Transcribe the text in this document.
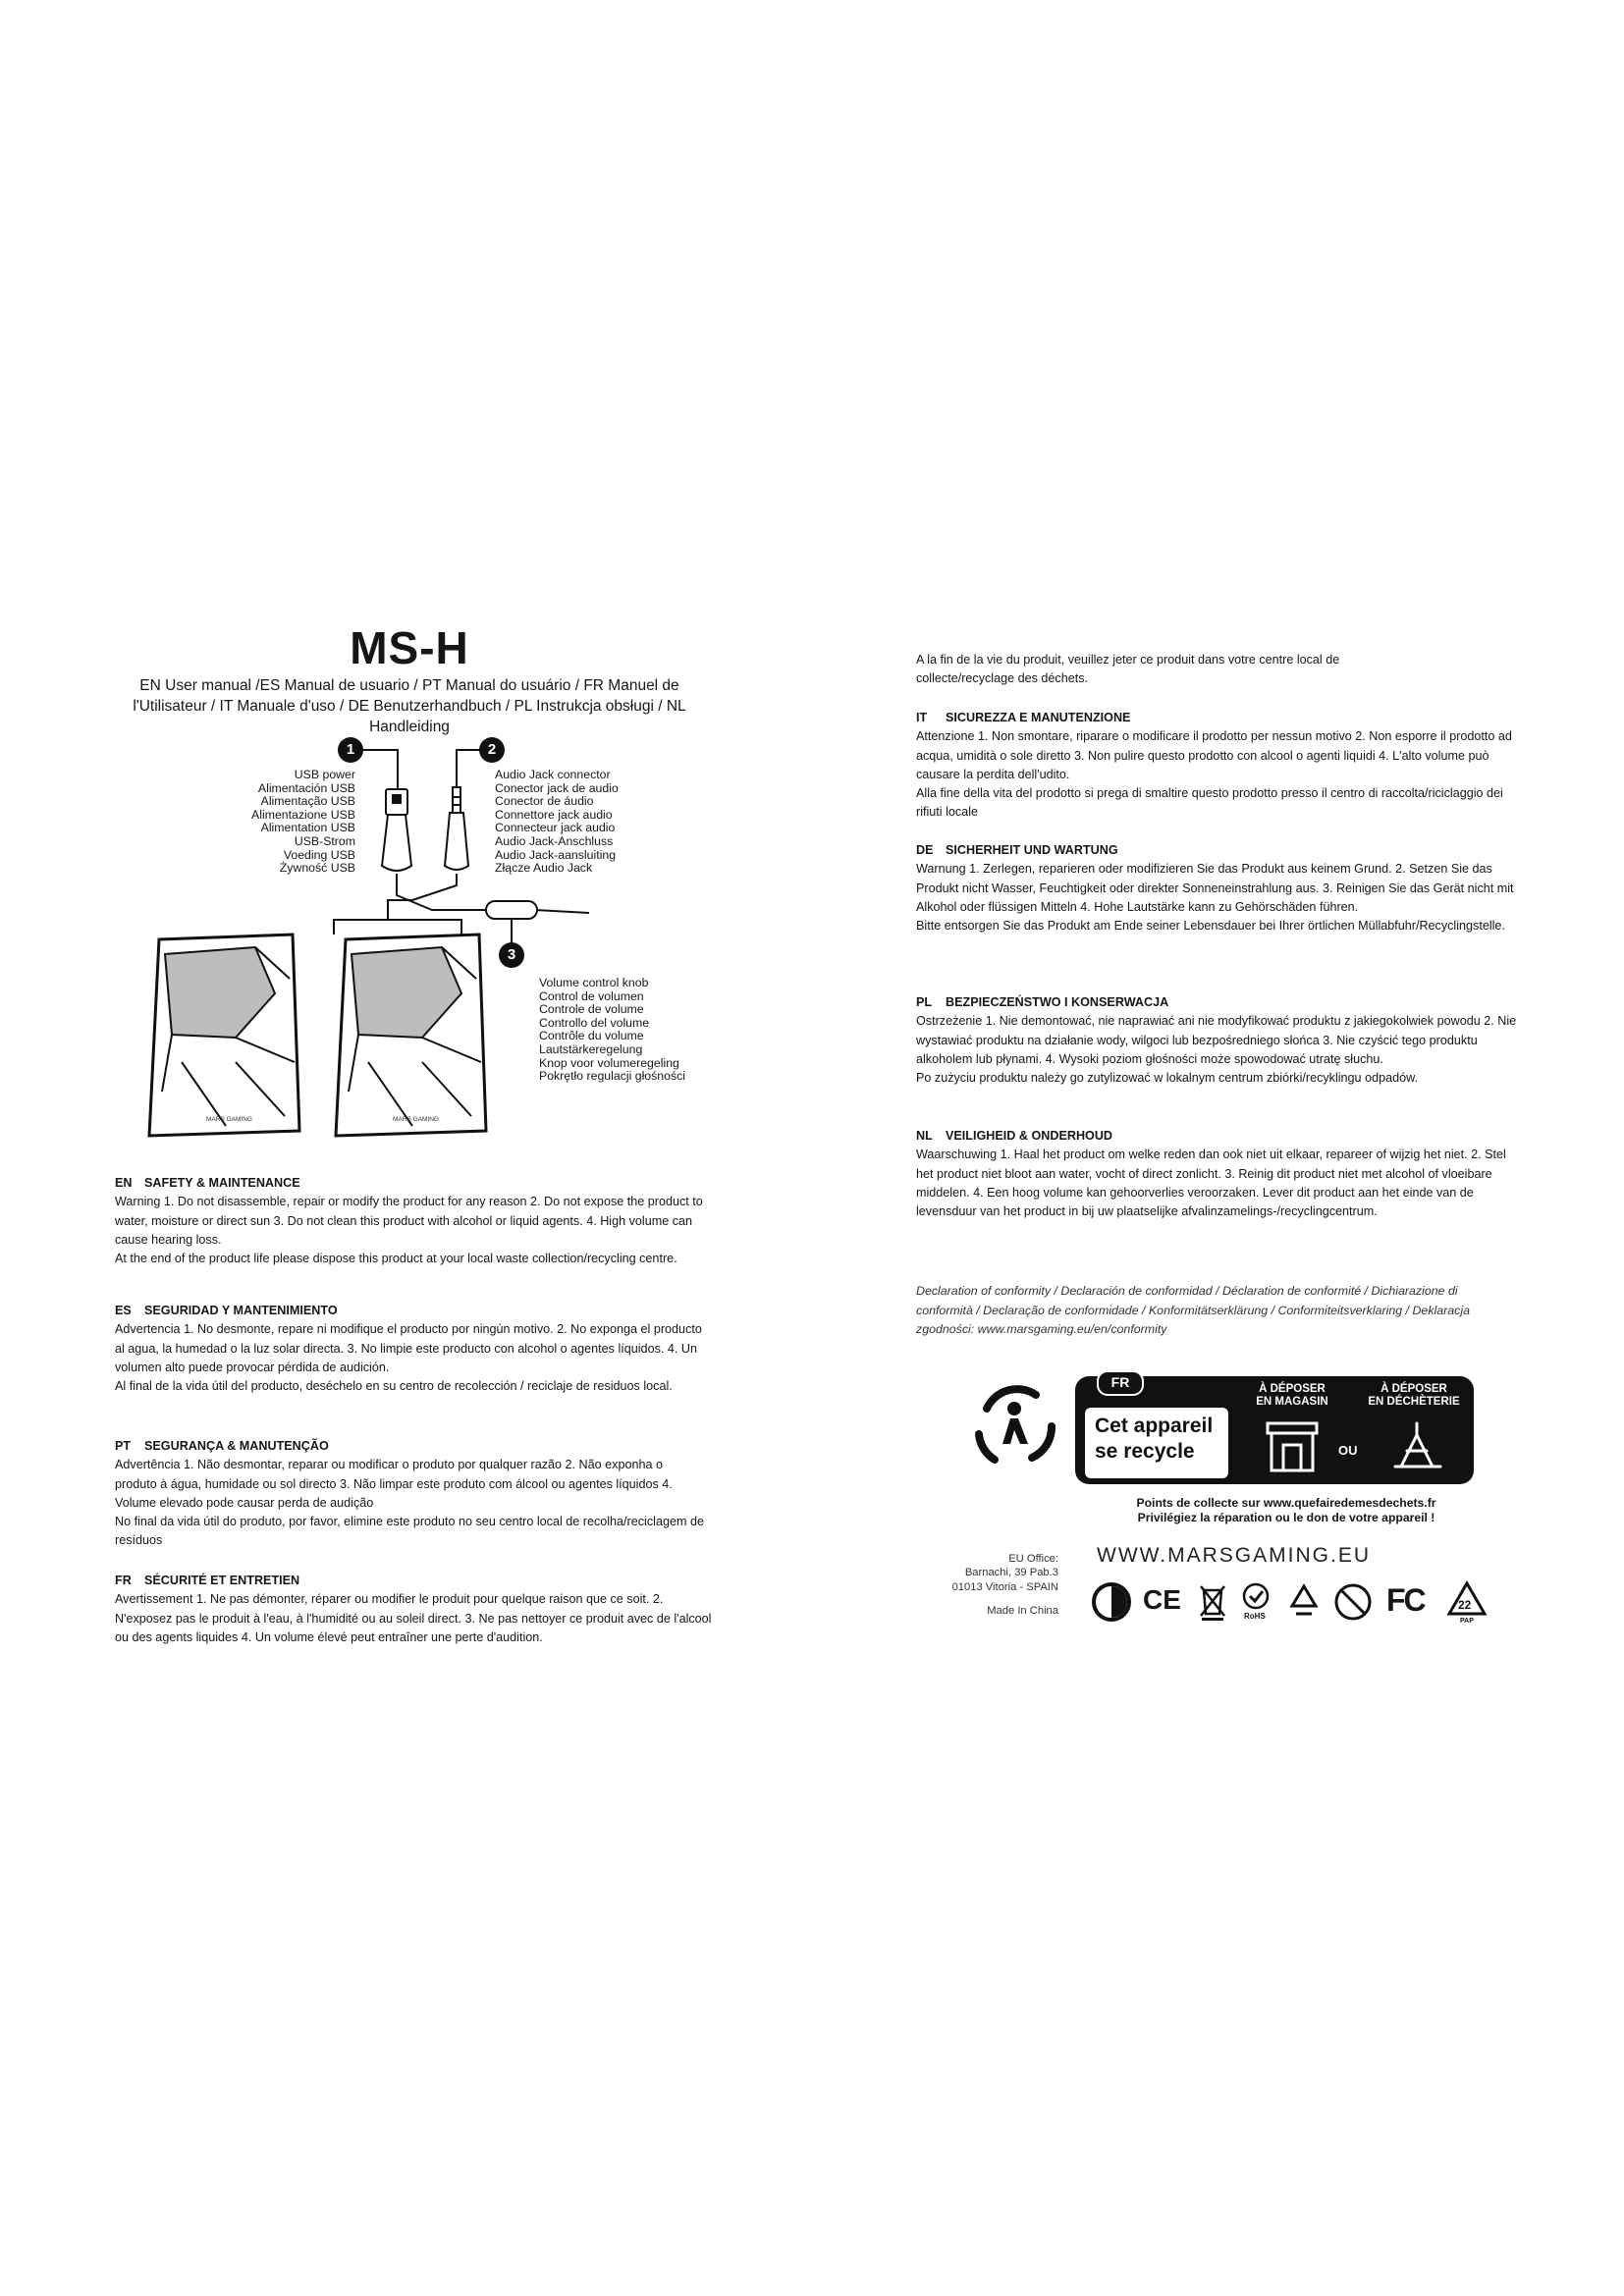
MS-H
EN User manual /ES Manual de usuario / PT Manual do usuário / FR Manuel de l'Utilisateur / IT Manuale d'uso / DE Benutzerhandbuch / PL Instrukcja obsługi / NL Handleiding
MARS GAMING	MARS GAMING
1	2
3
USB power
Alimentación USB
Alimentação USB
Alimentazione USB
Alimentation USB
USB-Strom
Voeding USB
Żywność USB
Audio Jack connector
Conector jack de audio
Conector de áudio
Connettore jack audio
Connecteur jack audio
Audio Jack-Anschluss
Audio Jack-aansluiting
Złącze Audio Jack
Volume control knob
Control de volumen
Controle de volume
Controllo del volume
Contrôle du volume
Lautstärkeregelung
Knop voor volumeregeling
Pokrętło regulacji głośności
EN SAFETY & MAINTENANCE

Warning 1. Do not disassemble, repair or modify the product for any reason 2. Do not expose the product to water, moisture or direct sun 3. Do not clean this product with alcohol or liquid agents. 4. High volume can cause hearing loss.

At the end of the product life please dispose this product at your local waste collection/recycling centre.

ES SEGURIDAD Y MANTENIMIENTO

Advertencia 1. No desmonte, repare ni modifique el producto por ningún motivo. 2. No exponga el producto al agua, la humedad o la luz solar directa. 3. No limpie este producto con alcohol o agentes líquidos. 4. Un volumen alto puede provocar pérdida de audición.

Al final de la vida útil del producto, deséchelo en su centro de recolección / reciclaje de residuos local.

PT SEGURANÇA & MANUTENÇÃO

Advertência 1. Não desmontar, reparar ou modificar o produto por qualquer razão 2. Não exponha o produto à água, humidade ou sol directo 3. Não limpar este produto com álcool ou agentes líquidos 4. Volume elevado pode causar perda de audição

No final da vida útil do produto, por favor, elimine este produto no seu centro local de recolha/reciclagem de resíduos

FR SÉCURITÉ ET ENTRETIEN

Avertissement 1. Ne pas démonter, réparer ou modifier le produit pour quelque raison que ce soit. 2. N'exposez pas le produit à l'eau, à l'humidité ou au soleil direct. 3. Ne pas nettoyer ce produit avec de l'alcool ou des agents liquides 4. Un volume élevé peut entraîner une perte d'audition.

A la fin de la vie du produit, veuillez jeter ce produit dans votre centre local de collecte/recyclage des déchets.

IT SICUREZZA E MANUTENZIONE

Attenzione 1. Non smontare, riparare o modificare il prodotto per nessun motivo 2. Non esporre il prodotto ad acqua, umidità o sole diretto 3. Non pulire questo prodotto con alcool o agenti liquidi 4. L'alto volume può causare la perdita dell'udito.

Alla fine della vita del prodotto si prega di smaltire questo prodotto presso il centro di raccolta/riciclaggio dei rifiuti locale

DE SICHERHEIT UND WARTUNG

Warnung 1. Zerlegen, reparieren oder modifizieren Sie das Produkt aus keinem Grund. 2. Setzen Sie das Produkt nicht Wasser, Feuchtigkeit oder direkter Sonneneinstrahlung aus. 3. Reinigen Sie das Gerät nicht mit Alkohol oder flüssigen Mitteln 4. Hohe Lautstärke kann zu Gehörschäden führen.

Bitte entsorgen Sie das Produkt am Ende seiner Lebensdauer bei Ihrer örtlichen Müllabfuhr/Recyclingstelle.

PL BEZPIECZEŃSTWO I KONSERWACJA

Ostrzeżenie 1. Nie demontować, nie naprawiać ani nie modyfikować produktu z jakiegokolwiek powodu 2. Nie wystawiać produktu na działanie wody, wilgoci lub bezpośredniego słońca 3. Nie czyścić tego produktu alkoholem lub płynami. 4. Wysoki poziom głośności może spowodować utratę słuchu.

Po zużyciu produktu należy go zutylizować w lokalnym centrum zbiórki/recyklingu odpadów.

NL VEILIGHEID & ONDERHOUD

Waarschuwing 1. Haal het product om welke reden dan ook niet uit elkaar, repareer of wijzig het niet. 2. Stel het product niet bloot aan water, vocht of direct zonlicht. 3. Reinig dit product niet met alcohol of vloeibare middelen. 4. Een hoog volume kan gehoorverlies veroorzaken. Lever dit product aan het einde van de levensduur van het product in bij uw plaatselijke afvalinzamelings-/recyclingcentrum.

Declaration of conformity / Declaración de conformidad / Déclaration de conformité / Dichiarazione di conformità / Declaração de conformidade / Konformitätserklärung / Conformiteitsverklaring / Deklaracja zgodności: www.marsgaming.eu/en/conformity
FR
Cet appareil se recycle
À DÉPOSER
EN MAGASIN
À DÉPOSER
EN DÉCHÈTERIE
OU
Points de collecte sur www.quefairedemesdechets.fr
Privilégiez la réparation ou le don de votre appareil !
EU Office:
Barnachi, 39 Pab.3
01013 Vitoria - SPAIN
Made In China
WWW.MARSGAMING.EU
CE
RoHS	FC	22
PAP
